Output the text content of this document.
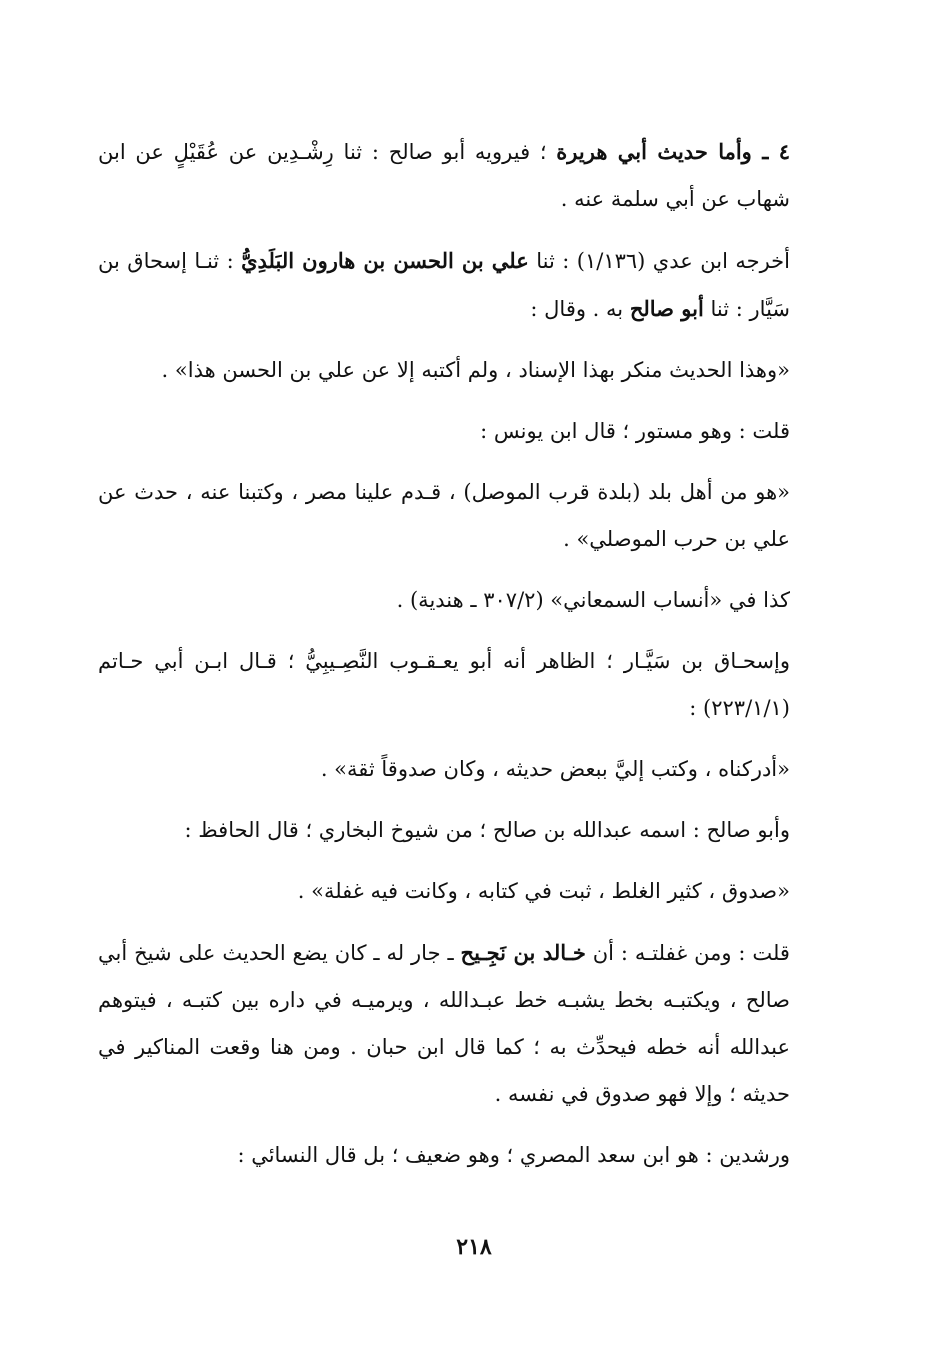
٤ ـ وأما حديث أبي هريرة ؛ فيرويه أبو صالح : ثنا رِشْـدِين عن عُقَيْلٍ عن ابن شهاب عن أبي سلمة عنه .

أخرجه ابن عدي (١/١٣٦) : ثنا علي بن الحسن بن هارون البَلَدِيُّ : ثنـا إسحاق بن سَيَّار : ثنا أبو صالح به . وقال :

«وهذا الحديث منكر بهذا الإسناد ، ولم أكتبه إلا عن علي بن الحسن هذا» .

قلت : وهو مستور ؛ قال ابن يونس :

«هو من أهل بلد (بلدة قرب الموصل) ، قـدم علينا مصر ، وكتبنا عنه ، حدث عن علي بن حرب الموصلي» .

كذا في «أنساب السمعاني» (٣٠٧/٢ ـ هندية) .

وإسحـاق بن سَيَّـار ؛ الظاهر أنه أبو يعـقـوب النَّصِـيبِيُّ ؛ قـال ابـن أبي حـاتم (٢٢٣/١/١) :

«أدركناه ، وكتب إليَّ ببعض حديثه ، وكان صدوقاً ثقة» .

وأبو صالح : اسمه عبدالله بن صالح ؛ من شيوخ البخاري ؛ قال الحافظ :

«صدوق ، كثير الغلط ، ثبت في كتابه ، وكانت فيه غفلة» .

قلت : ومن غفلتـه : أن خـالد بن نَجِـيح ـ جار له ـ كان يضع الحديث على شيخ أبي صالح ، ويكتبـه بخط يشبـه خط عبـدالله ، ويرميـه في داره بين كتبـه ، فيتوهم عبدالله أنه خطه فيحدِّث به ؛ كما قال ابن حبان . ومن هنا وقعت المناكير في حديثه ؛ وإلا فهو صدوق في نفسه .

ورشدين : هو ابن سعد المصري ؛ وهو ضعيف ؛ بل قال النسائي :

٢١٨
